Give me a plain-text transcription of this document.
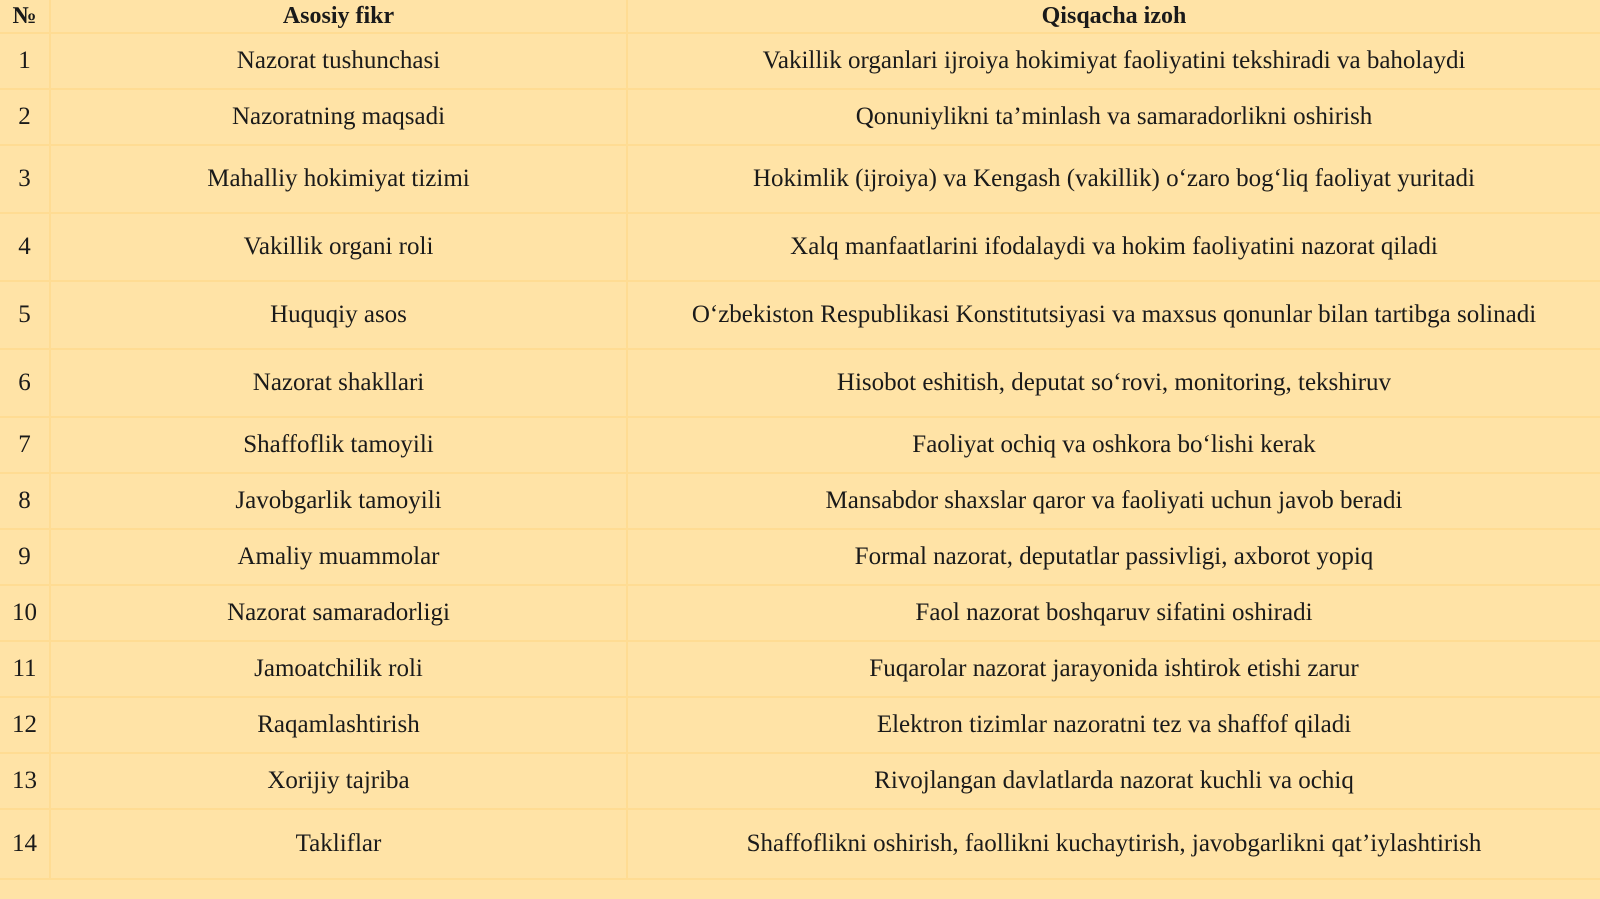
№	Asosiy fikr	Qisqacha izoh
1	Nazorat tushunchasi	Vakillik organlari ijroiya hokimiyat faoliyatini tekshiradi va baholaydi
2	Nazoratning maqsadi	Qonuniylikni ta’minlash va samaradorlikni oshirish
3	Mahalliy hokimiyat tizimi	Hokimlik (ijroiya) va Kengash (vakillik) o‘zaro bog‘liq faoliyat yuritadi
4	Vakillik organi roli	Xalq manfaatlarini ifodalaydi va hokim faoliyatini nazorat qiladi
5	Huquqiy asos	O‘zbekiston Respublikasi Konstitutsiyasi va maxsus qonunlar bilan tartibga solinadi
6	Nazorat shakllari	Hisobot eshitish, deputat so‘rovi, monitoring, tekshiruv
7	Shaffoflik tamoyili	Faoliyat ochiq va oshkora bo‘lishi kerak
8	Javobgarlik tamoyili	Mansabdor shaxslar qaror va faoliyati uchun javob beradi
9	Amaliy muammolar	Formal nazorat, deputatlar passivligi, axborot yopiq
10	Nazorat samaradorligi	Faol nazorat boshqaruv sifatini oshiradi
11	Jamoatchilik roli	Fuqarolar nazorat jarayonida ishtirok etishi zarur
12	Raqamlashtirish	Elektron tizimlar nazoratni tez va shaffof qiladi
13	Xorijiy tajriba	Rivojlangan davlatlarda nazorat kuchli va ochiq
14	Takliflar	Shaffoflikni oshirish, faollikni kuchaytirish, javobgarlikni qat’iylashtirish
